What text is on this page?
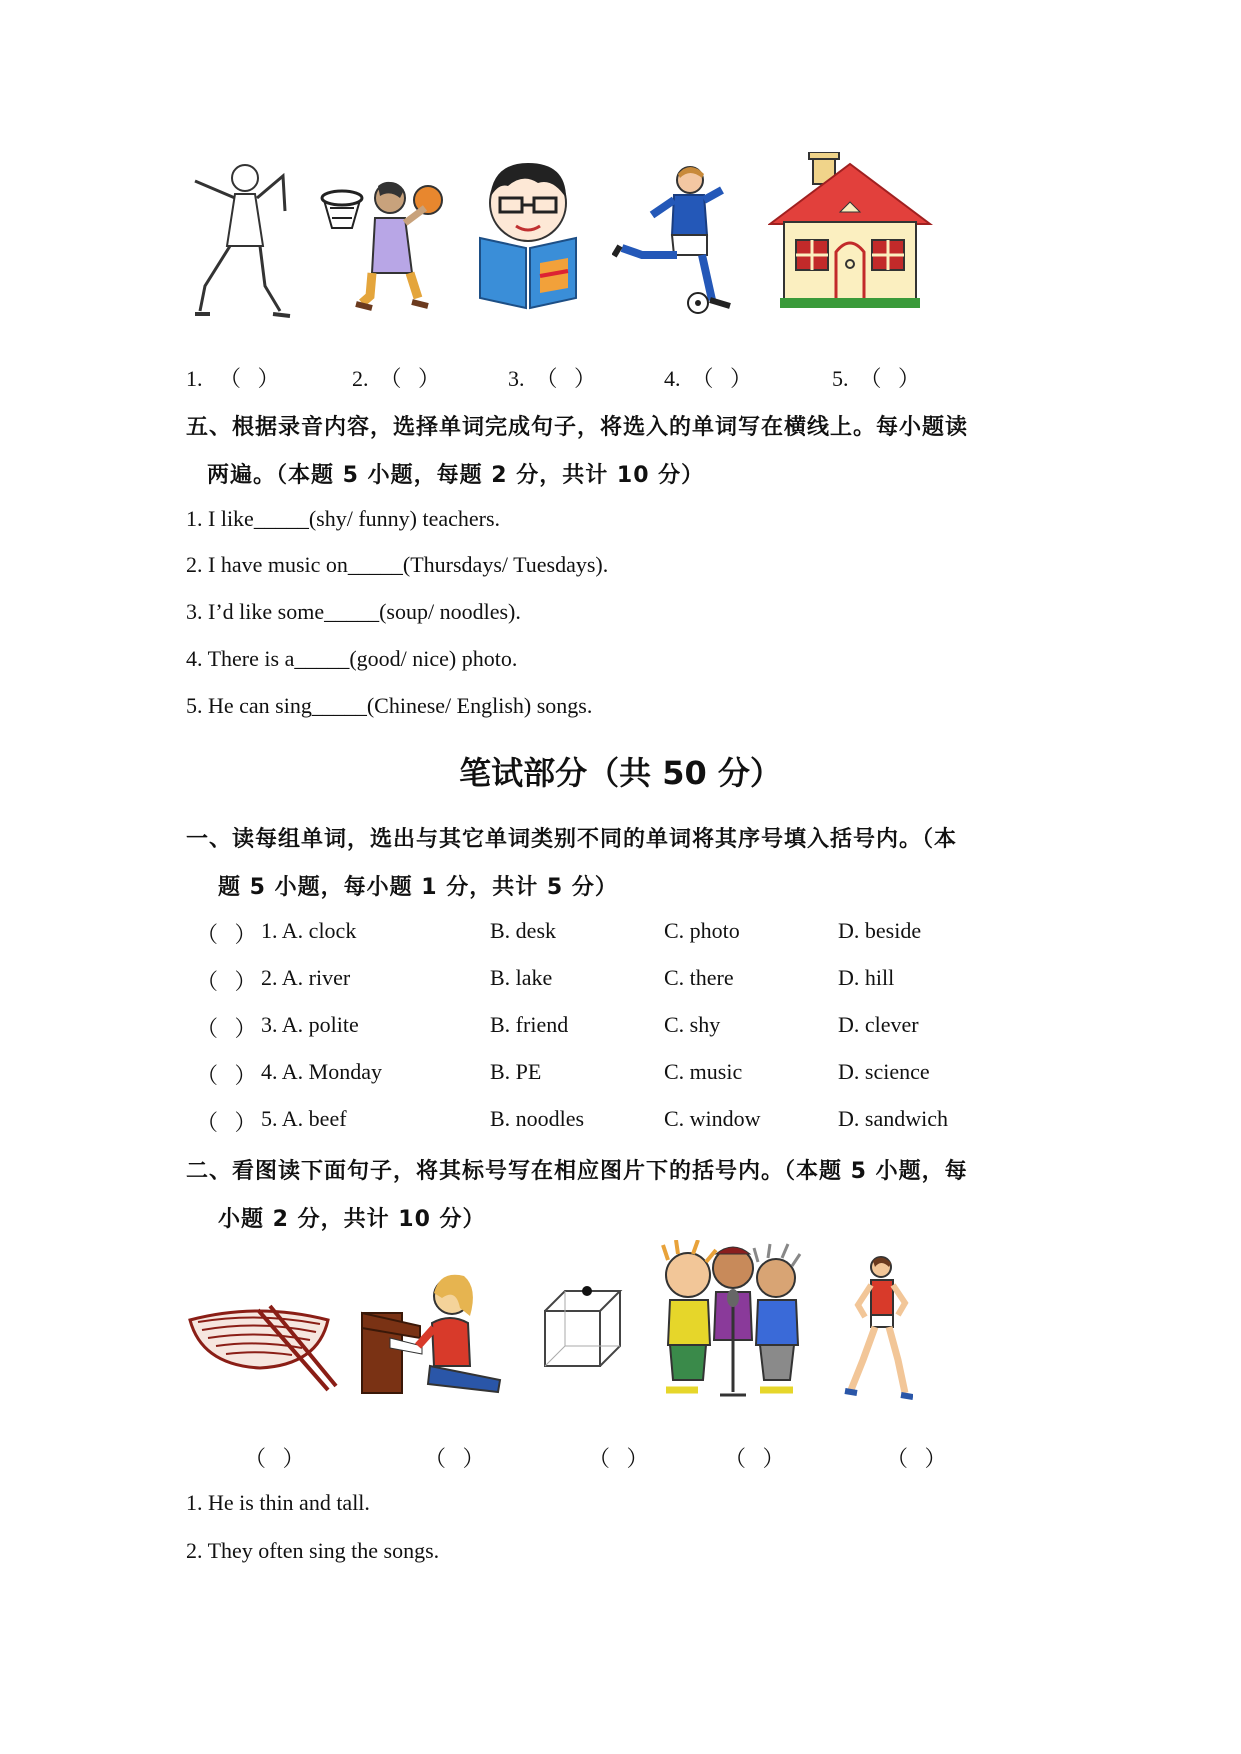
1.   （   ）	2.  （   ）	3.  （   ）	4.  （   ）	5.  （   ）
五、根据录音内容，选择单词完成句子，将选入的单词写在横线上。每小题读
两遍。（本题 5 小题，每题 2 分，共计 10 分）
1. I like_____(shy/ funny) teachers.
2. I have music on_____(Thursdays/ Tuesdays).
3. I’d like some_____(soup/ noodles).
4. There is a_____(good/ nice) photo.
5. He can sing_____(Chinese/ English) songs.
笔试部分（共 50 分）
一、读每组单词，选出与其它单词类别不同的单词将其序号填入括号内。（本
题 5 小题，每小题 1 分，共计 5 分）
（   ） 1. A. clock	B. desk	C. photo	D. beside
（   ） 2. A. river	B. lake	C. there	D. hill
（   ） 3. A. polite	B. friend	C. shy	D. clever
（   ） 4. A. Monday	B. PE	C. music	D. science
（   ） 5. A. beef	B. noodles	C. window	D. sandwich
二、看图读下面句子，将其标号写在相应图片下的括号内。（本题 5 小题，每
小题 2 分，共计 10 分）
（   ）	（   ）	（   ）	（   ）	（   ）
1. He is thin and tall.
2. They often sing the songs.
